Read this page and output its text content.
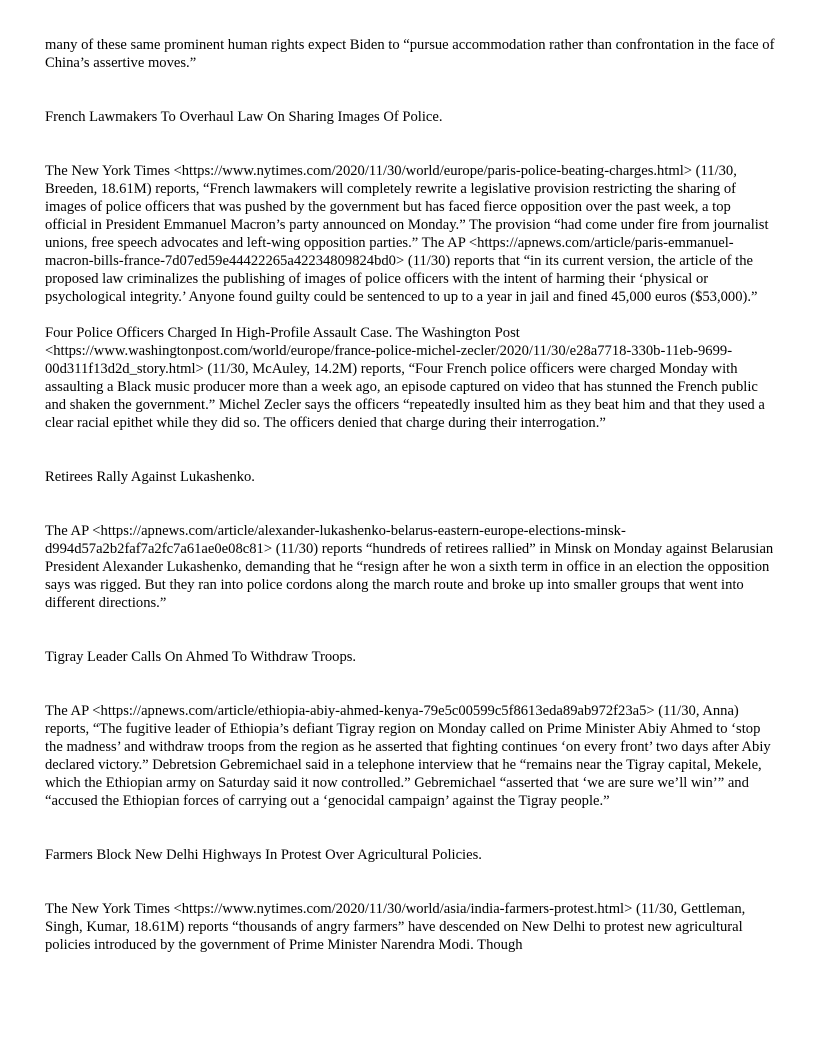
many of these same prominent human rights expect Biden to “pursue accommodation rather than confrontation in the face of China’s assertive moves.”

French Lawmakers To Overhaul Law On Sharing Images Of Police.

The New York Times <https://www.nytimes.com/2020/11/30/world/europe/paris-police-beating-charges.html> (11/30, Breeden, 18.61M) reports, “French lawmakers will completely rewrite a legislative provision restricting the sharing of images of police officers that was pushed by the government but has faced fierce opposition over the past week, a top official in President Emmanuel Macron’s party announced on Monday.” The provision “had come under fire from journalist unions, free speech advocates and left-wing opposition parties.” The AP <https://apnews.com/article/paris-emmanuel-macron-bills-france-7d07ed59e44422265a42234809824bd0> (11/30) reports that “in its current version, the article of the proposed law criminalizes the publishing of images of police officers with the intent of harming their ‘physical or psychological integrity.’ Anyone found guilty could be sentenced to up to a year in jail and fined 45,000 euros ($53,000).”

Four Police Officers Charged In High-Profile Assault Case. The Washington Post <https://www.washingtonpost.com/world/europe/france-police-michel-zecler/2020/11/30/e28a7718-330b-11eb-9699-00d311f13d2d_story.html> (11/30, McAuley, 14.2M) reports, “Four French police officers were charged Monday with assaulting a Black music producer more than a week ago, an episode captured on video that has stunned the French public and shaken the government.” Michel Zecler says the officers “repeatedly insulted him as they beat him and that they used a clear racial epithet while they did so. The officers denied that charge during their interrogation.”

Retirees Rally Against Lukashenko.

The AP <https://apnews.com/article/alexander-lukashenko-belarus-eastern-europe-elections-minsk-d994d57a2b2faf7a2fc7a61ae0e08c81> (11/30) reports “hundreds of retirees rallied” in Minsk on Monday against Belarusian President Alexander Lukashenko, demanding that he “resign after he won a sixth term in office in an election the opposition says was rigged. But they ran into police cordons along the march route and broke up into smaller groups that went into different directions.”

Tigray Leader Calls On Ahmed To Withdraw Troops.

The AP <https://apnews.com/article/ethiopia-abiy-ahmed-kenya-79e5c00599c5f8613eda89ab972f23a5> (11/30, Anna) reports, “The fugitive leader of Ethiopia’s defiant Tigray region on Monday called on Prime Minister Abiy Ahmed to ‘stop the madness’ and withdraw troops from the region as he asserted that fighting continues ‘on every front’ two days after Abiy declared victory.” Debretsion Gebremichael said in a telephone interview that he “remains near the Tigray capital, Mekele, which the Ethiopian army on Saturday said it now controlled.” Gebremichael “asserted that ‘we are sure we’ll win’” and “accused the Ethiopian forces of carrying out a ‘genocidal campaign’ against the Tigray people.”

Farmers Block New Delhi Highways In Protest Over Agricultural Policies.

The New York Times <https://www.nytimes.com/2020/11/30/world/asia/india-farmers-protest.html> (11/30, Gettleman, Singh, Kumar, 18.61M) reports “thousands of angry farmers” have descended on New Delhi to protest new agricultural policies introduced by the government of Prime Minister Narendra Modi. Though
